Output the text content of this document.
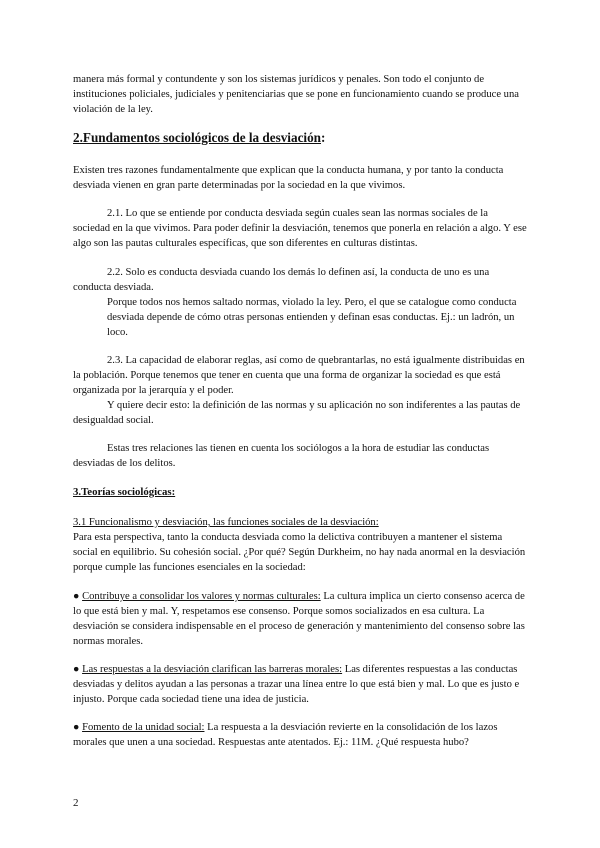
manera más formal y contundente y son los sistemas jurídicos y penales. Son todo el conjunto de instituciones policiales, judiciales y penitenciarias que se pone en funcionamiento cuando se produce una violación de la ley.

2.Fundamentos sociológicos de la desviación:

Existen tres razones fundamentalmente que explican que la conducta humana, y por tanto la conducta desviada vienen en gran parte determinadas por la sociedad en la que vivimos.

2.1. Lo que se entiende por conducta desviada según cuales sean las normas sociales de la sociedad en la que vivimos. Para poder definir la desviación, tenemos que ponerla en relación a algo. Y ese algo son las pautas culturales específicas, que son diferentes en culturas distintas.

2.2. Solo es conducta desviada cuando los demás lo definen así, la conducta de uno es una conducta desviada.

Porque todos nos hemos saltado normas, violado la ley. Pero, el que se catalogue como conducta desviada depende de cómo otras personas entienden y definan esas conductas. Ej.: un ladrón, un loco.

2.3. La capacidad de elaborar reglas, así como de quebrantarlas, no está igualmente distribuidas en la población. Porque tenemos que tener en cuenta que una forma de organizar la sociedad es que está organizada por la jerarquía y el poder.

Y quiere decir esto: la definición de las normas y su aplicación no son indiferentes a las pautas de desigualdad social.

Estas tres relaciones las tienen en cuenta los sociólogos a la hora de estudiar las conductas desviadas de los delitos.

3.Teorías sociológicas:

3.1 Funcionalismo y desviación, las funciones sociales de la desviación:

Para esta perspectiva, tanto la conducta desviada como la delictiva contribuyen a mantener el sistema social en equilibrio. Su cohesión social. ¿Por qué? Según Durkheim, no hay nada anormal en la desviación porque cumple las funciones esenciales en la sociedad:

● Contribuye a consolidar los valores y normas culturales: La cultura implica un cierto consenso acerca de lo que está bien y mal. Y, respetamos ese consenso. Porque somos socializados en esa cultura. La desviación se considera indispensable en el proceso de generación y mantenimiento del consenso sobre las normas morales.

● Las respuestas a la desviación clarifican las barreras morales: Las diferentes respuestas a las conductas desviadas y delitos ayudan a las personas a trazar una línea entre lo que está bien y mal. Lo que es justo e injusto. Porque cada sociedad tiene una idea de justicia.

● Fomento de la unidad social: La respuesta a la desviación revierte en la consolidación de los lazos morales que unen a una sociedad. Respuestas ante atentados. Ej.: 11M. ¿Qué respuesta hubo?

2
